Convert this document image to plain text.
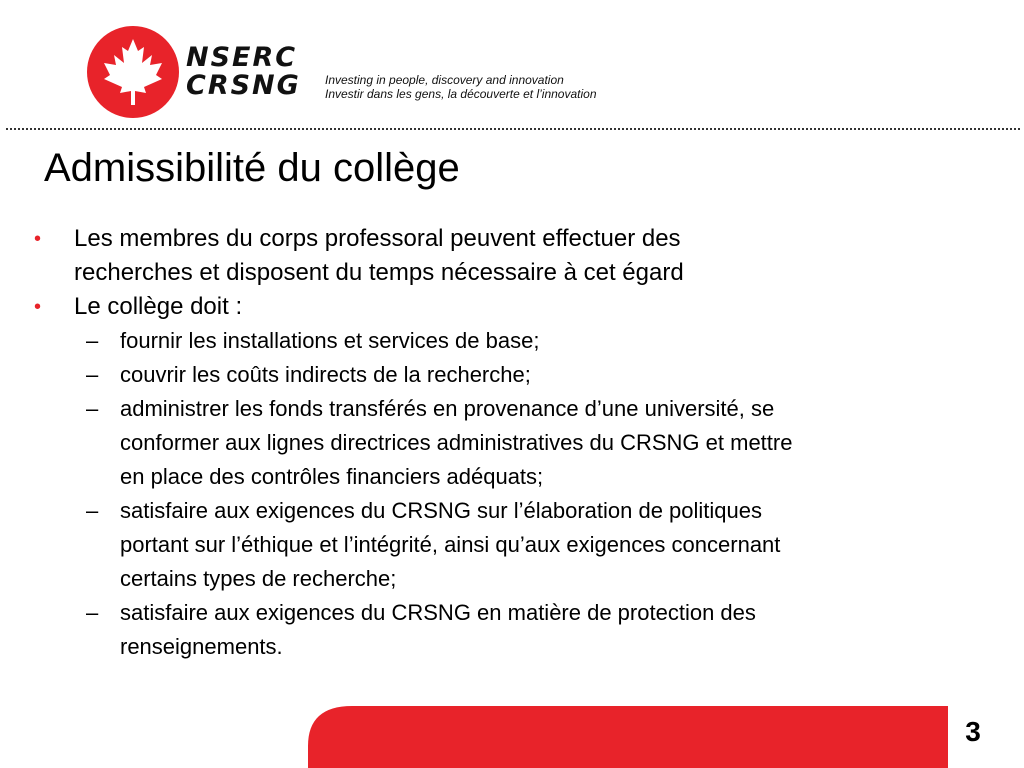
NSERC
CRSNG Investing in people, discovery and innovation
Investir dans les gens, la découverte et l’innovation
Admissibilité du collège
• Les membres du corps professoral peuvent effectuer des
recherches et disposent du temps nécessaire à cet égard
• Le collège doit :
– fournir les installations et services de base;
– couvrir les coûts indirects de la recherche;
– administrer les fonds transférés en provenance d’une université, se
conformer aux lignes directrices administratives du CRSNG et mettre
en place des contrôles financiers adéquats;
– satisfaire aux exigences du CRSNG sur l’élaboration de politiques
portant sur l’éthique et l’intégrité, ainsi qu’aux exigences concernant
certains types de recherche;
– satisfaire aux exigences du CRSNG en matière de protection des
renseignements.
3
